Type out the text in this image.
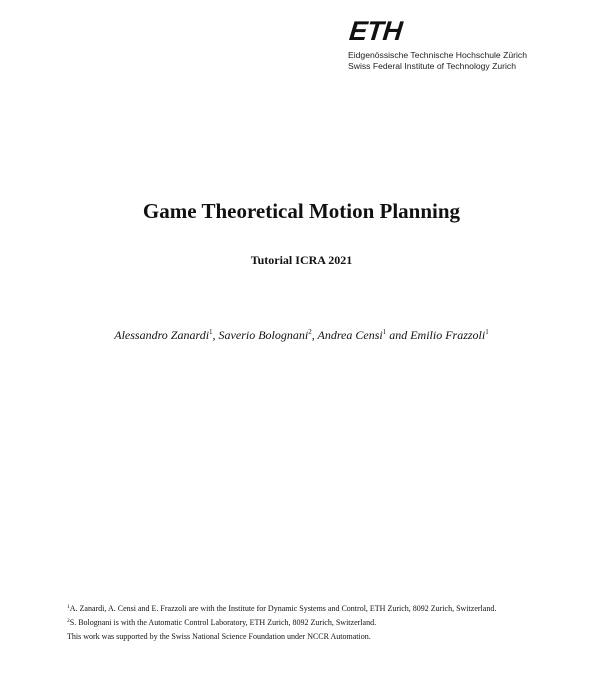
ETH
Eidgenössische Technische Hochschule Zürich
Swiss Federal Institute of Technology Zurich
Game Theoretical Motion Planning
Tutorial ICRA 2021
Alessandro Zanardi$^1$, Saverio Bolognani$^2$, Andrea Censi$^1$ and Emilio Frazzoli$^1$
$^1$A. Zanardi, A. Censi and E. Frazzoli are with the Institute for Dynamic Systems and Control, ETH Zurich, 8092 Zurich, Switzerland.
$^2$S. Bolognani is with the Automatic Control Laboratory, ETH Zurich, 8092 Zurich, Switzerland.
This work was supported by the Swiss National Science Foundation under NCCR Automation.
